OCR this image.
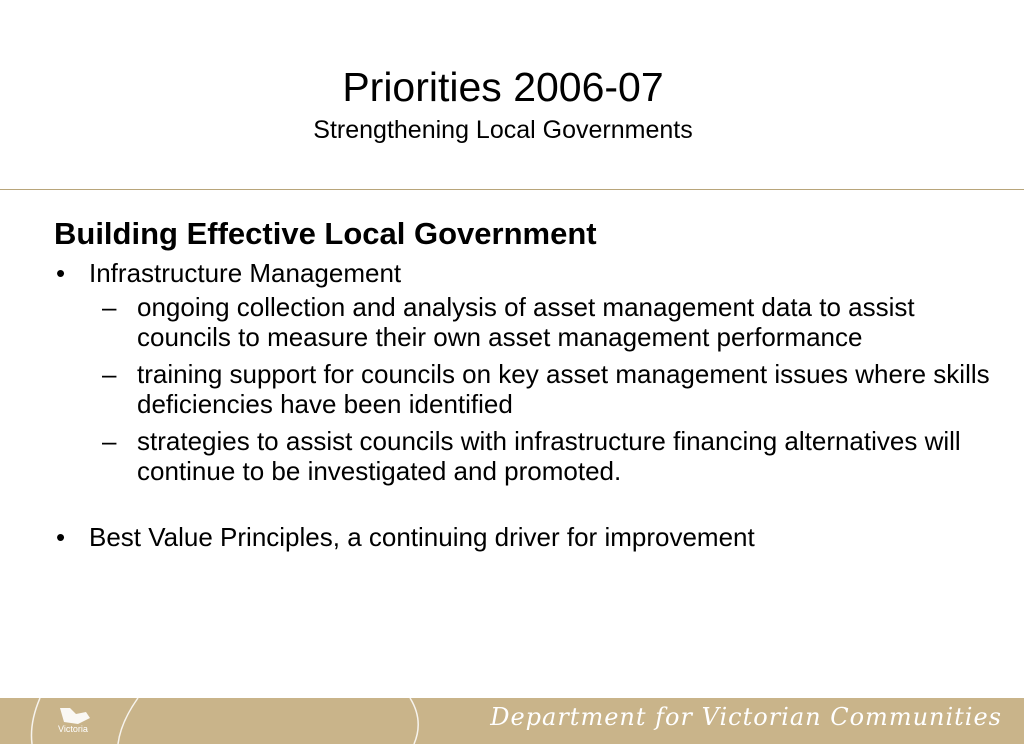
Priorities 2006-07
Strengthening Local Governments
Building Effective Local Government
• Infrastructure Management
– ongoing collection and analysis of asset management data to assist councils to measure their own asset management performance
– training support for councils on key asset management issues where skills deficiencies have been identified
– strategies to assist councils with infrastructure financing alternatives will continue to be investigated and promoted.
• Best Value Principles, a continuing driver for improvement
Victoria	Department for Victorian Communities
